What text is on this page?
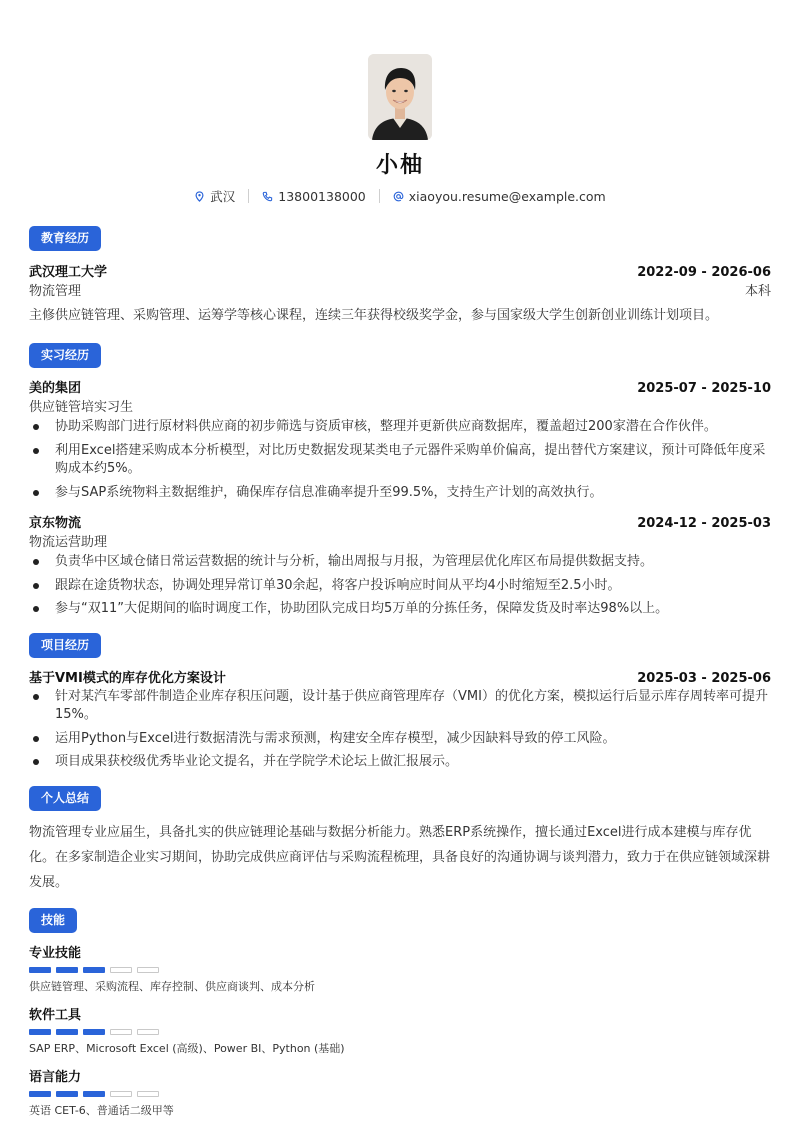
小柚
武汉	13800138000	xiaoyou.resume@example.com
教育经历
武汉理工大学	2022-09 - 2026-06
物流管理	本科
主修供应链管理、采购管理、运筹学等核心课程，连续三年获得校级奖学金，参与国家级大学生创新创业训练计划项目。
实习经历
美的集团	2025-07 - 2025-10
供应链管培实习生
协助采购部门进行原材料供应商的初步筛选与资质审核，整理并更新供应商数据库，覆盖超过200家潜在合作伙伴。
利用Excel搭建采购成本分析模型，对比历史数据发现某类电子元器件采购单价偏高，提出替代方案建议，预计可降低年度采购成本约5%。
参与SAP系统物料主数据维护，确保库存信息准确率提升至99.5%，支持生产计划的高效执行。
京东物流	2024-12 - 2025-03
物流运营助理
负责华中区域仓储日常运营数据的统计与分析，输出周报与月报，为管理层优化库区布局提供数据支持。
跟踪在途货物状态，协调处理异常订单30余起，将客户投诉响应时间从平均4小时缩短至2.5小时。
参与“双11”大促期间的临时调度工作，协助团队完成日均5万单的分拣任务，保障发货及时率达98%以上。
项目经历
基于VMI模式的库存优化方案设计	2025-03 - 2025-06
针对某汽车零部件制造企业库存积压问题，设计基于供应商管理库存（VMI）的优化方案，模拟运行后显示库存周转率可提升15%。
运用Python与Excel进行数据清洗与需求预测，构建安全库存模型，减少因缺料导致的停工风险。
项目成果获校级优秀毕业论文提名，并在学院学术论坛上做汇报展示。
个人总结
物流管理专业应届生，具备扎实的供应链理论基础与数据分析能力。熟悉ERP系统操作，擅长通过Excel进行成本建模与库存优化。在多家制造企业实习期间，协助完成供应商评估与采购流程梳理，具备良好的沟通协调与谈判潜力，致力于在供应链领域深耕发展。
技能
专业技能
供应链管理、采购流程、库存控制、供应商谈判、成本分析
软件工具
SAP ERP、Microsoft Excel (高级)、Power BI、Python (基础)
语言能力
英语 CET-6、普通话二级甲等
